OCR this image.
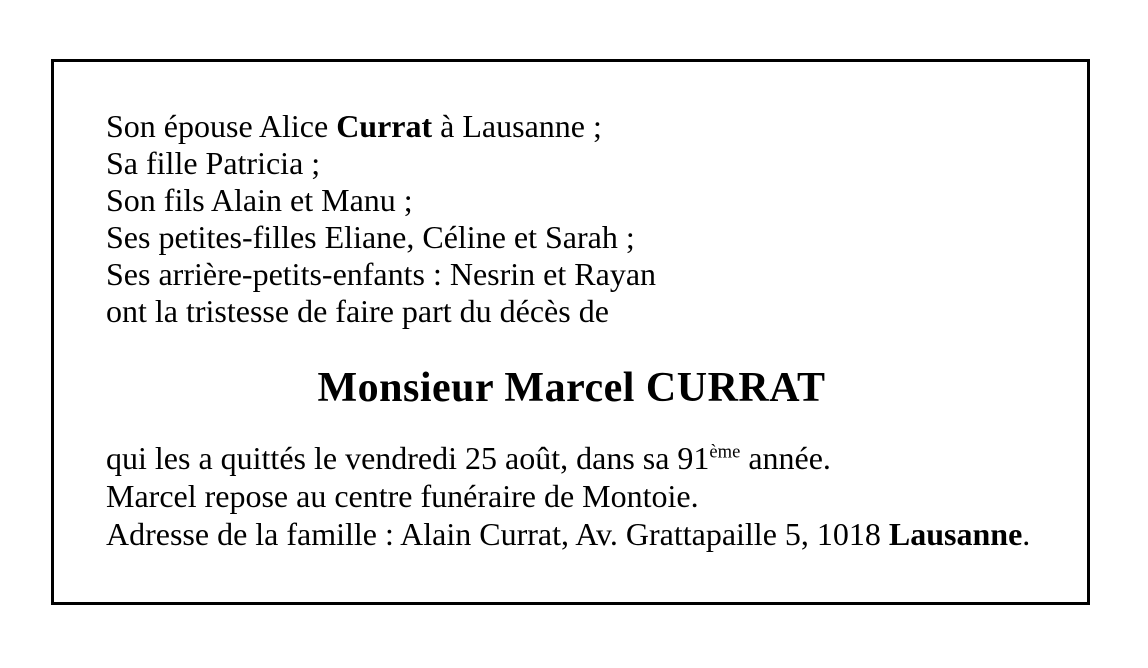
Son épouse Alice Currat à Lausanne ;
Sa fille Patricia ;
Son fils Alain et Manu ;
Ses petites-filles Eliane, Céline et Sarah ;
Ses arrière-petits-enfants : Nesrin et Rayan
ont la tristesse de faire part du décès de

Monsieur Marcel CURRAT

qui les a quittés le vendredi 25 août, dans sa 91ème année.
Marcel repose au centre funéraire de Montoie.
Adresse de la famille : Alain Currat, Av. Grattapaille 5, 1018 Lausanne.
